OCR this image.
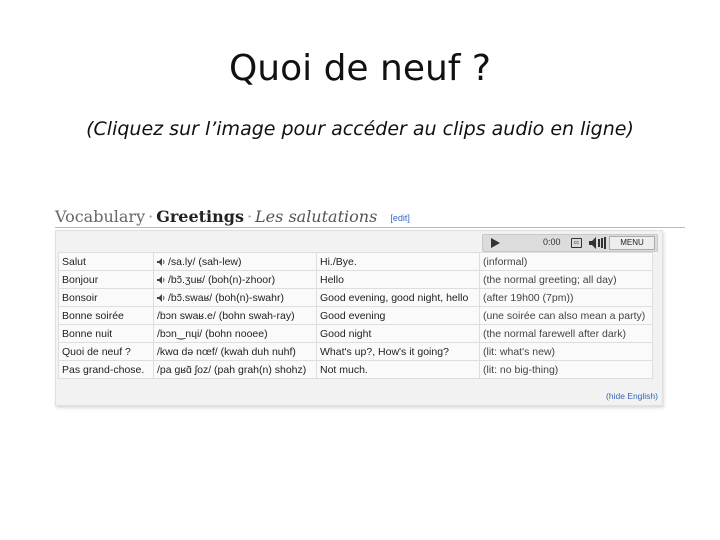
Quoi de neuf ?
(Cliquez sur l’image pour accéder au clips audio en ligne)
Vocabulary · Greetings · Les salutations [edit]
0:00	cc	MENU
Salut	/sa.ly/ (sah-lew)	Hi./Bye.	(informal)
Bonjour	/bɔ̃.ʒuʁ/ (boh(n)-zhoor)	Hello	(the normal greeting; all day)
Bonsoir	/bɔ̃.swaʁ/ (boh(n)-swahr)	Good evening, good night, hello	(after 19h00 (7pm))
Bonne soirée	/bɔn swaʁ.e/ (bohn swah-ray)	Good evening	(une soirée can also mean a party)
Bonne nuit	/bɔn‿nɥi/ (bohn nooee)	Good night	(the normal farewell after dark)
Quoi de neuf ?	/kwɑ də nœf/ (kwah duh nuhf)	What's up?, How's it going?	(lit: what's new)
Pas grand-chose.	/pa gʁɑ̃ ʃoz/ (pah grah(n) shohz)	Not much.	(lit: no big-thing)
(hide English)
